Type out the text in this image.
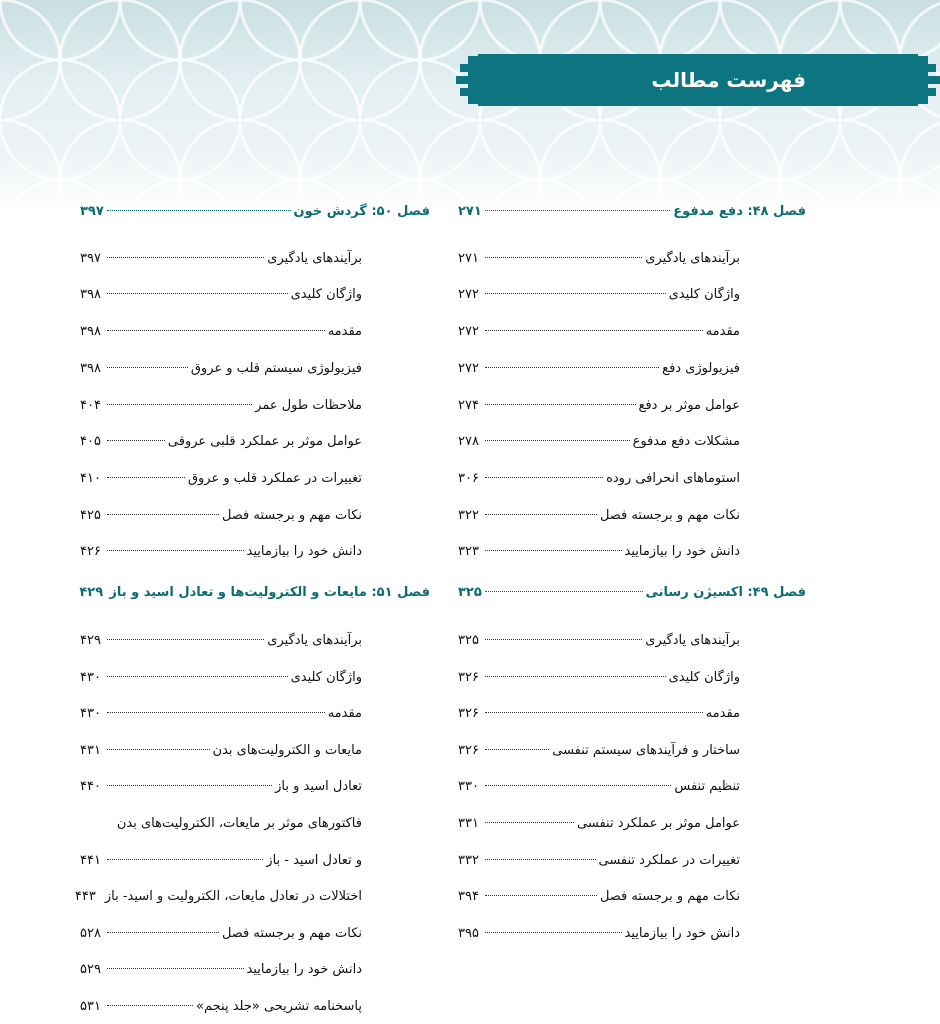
فهرست مطالب
فصل ۴۸: دفع مدفوع
۲۷۱
برآیندهای یادگیری
۲۷۱
واژگان کلیدی
۲۷۲
مقدمه
۲۷۲
فیزیولوژی دفع
۲۷۲
عوامل موثر بر دفع
۲۷۴
مشکلات دفع مدفوع
۲۷۸
استوماهای انحرافی روده
۳۰۶
نکات مهم و برجسته فصل
۳۲۲
دانش خود را بیازمایید
۳۲۳
فصل ۴۹: اکسیژن رسانی
۳۲۵
برآیندهای یادگیری
۳۲۵
واژگان کلیدی
۳۲۶
مقدمه
۳۲۶
ساختار و فرآیندهای سیستم تنفسی
۳۲۶
تنظیم تنفس
۳۳۰
عوامل موثر بر عملکرد تنفسی
۳۳۱
تغییرات در عملکرد تنفسی
۳۳۲
نکات مهم و برجسته فصل
۳۹۴
دانش خود را بیازمایید
۳۹۵
فصل ۵۰: گردش خون
۳۹۷
برآیندهای یادگیری
۳۹۷
واژگان کلیدی
۳۹۸
مقدمه
۳۹۸
فیزیولوژی سیستم قلب و عروق
۳۹۸
ملاحظات طول عمر
۴۰۴
عوامل موثر بر عملکرد قلبی عروقی
۴۰۵
تغییرات در عملکرد قلب و عروق
۴۱۰
نکات مهم و برجسته فصل
۴۲۵
دانش خود را بیازمایید
۴۲۶
فصل ۵۱: مایعات و الکترولیت‌ها و تعادل اسید و باز
۴۲۹
برآیندهای یادگیری
۴۲۹
واژگان کلیدی
۴۳۰
مقدمه
۴۳۰
مایعات و الکترولیت‌های بدن
۴۳۱
تعادل اسید و باز
۴۴۰
فاکتورهای موثر بر مایعات، الکترولیت‌های بدن
و تعادل اسید - باز
۴۴۱
اختلالات در تعادل مایعات، الکترولیت و اسید- باز
۴۴۳
نکات مهم و برجسته فصل
۵۲۸
دانش خود را بیازمایید
۵۲۹
پاسخنامه تشریحی «جلد پنجم»
۵۳۱
